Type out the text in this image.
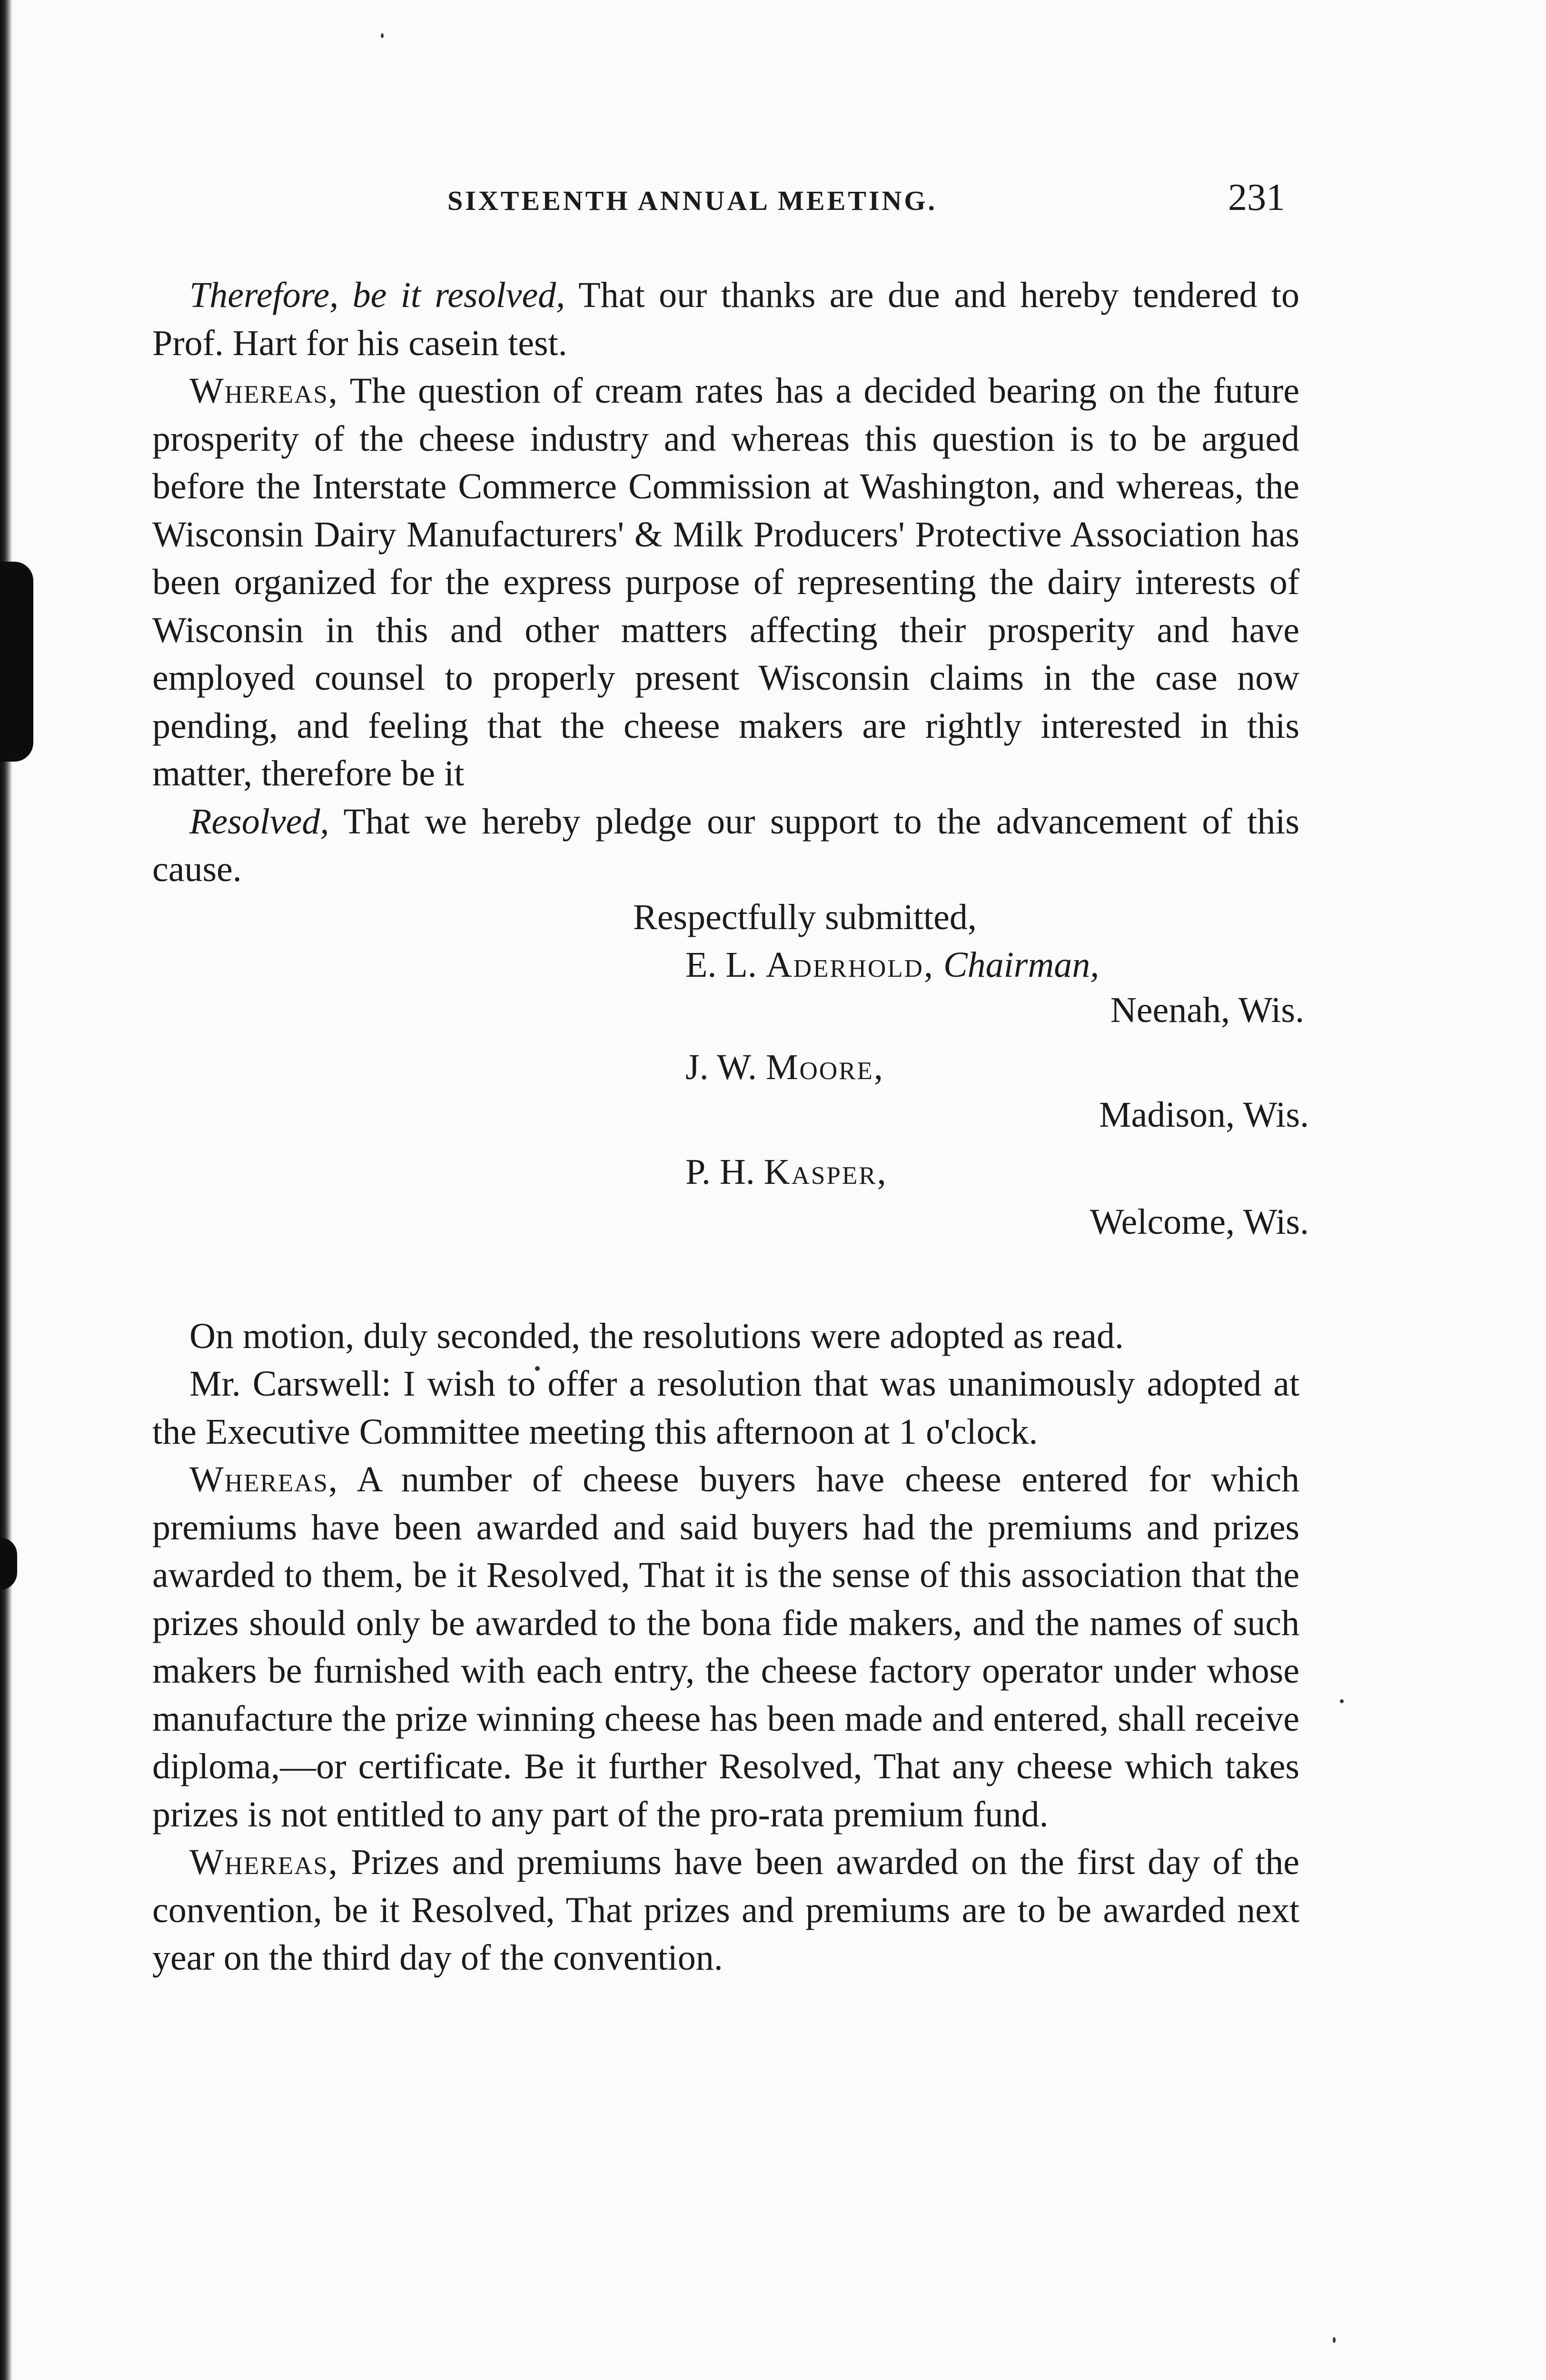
SIXTEENTH ANNUAL MEETING.	231

Therefore, be it resolved, That our thanks are due and hereby tendered to Prof. Hart for his casein test.

Whereas, The question of cream rates has a decided bearing on the future prosperity of the cheese industry and whereas this question is to be argued before the Interstate Commerce Commission at Washington, and whereas, the Wisconsin Dairy Manufacturers' & Milk Producers' Protective Association has been organized for the express purpose of representing the dairy interests of Wisconsin in this and other matters affecting their prosperity and have employed counsel to properly present Wisconsin claims in the case now pending, and feeling that the cheese makers are rightly interested in this matter, therefore be it

Resolved, That we hereby pledge our support to the advancement of this cause.

Respectfully submitted,
E. L. Aderhold, Chairman,
Neenah, Wis.
J. W. Moore,
Madison, Wis.
P. H. Kasper,
Welcome, Wis.

On motion, duly seconded, the resolutions were adopted as read.

Mr. Carswell: I wish to offer a resolution that was unanimously adopted at the Executive Committee meeting this afternoon at 1 o'clock.

Whereas, A number of cheese buyers have cheese entered for which premiums have been awarded and said buyers had the premiums and prizes awarded to them, be it Resolved, That it is the sense of this association that the prizes should only be awarded to the bona fide makers, and the names of such makers be furnished with each entry, the cheese factory operator under whose manufacture the prize winning cheese has been made and entered, shall receive diploma,—or certificate. Be it further Resolved, That any cheese which takes prizes is not entitled to any part of the pro-rata premium fund.

Whereas, Prizes and premiums have been awarded on the first day of the convention, be it Resolved, That prizes and premiums are to be awarded next year on the third day of the convention.
